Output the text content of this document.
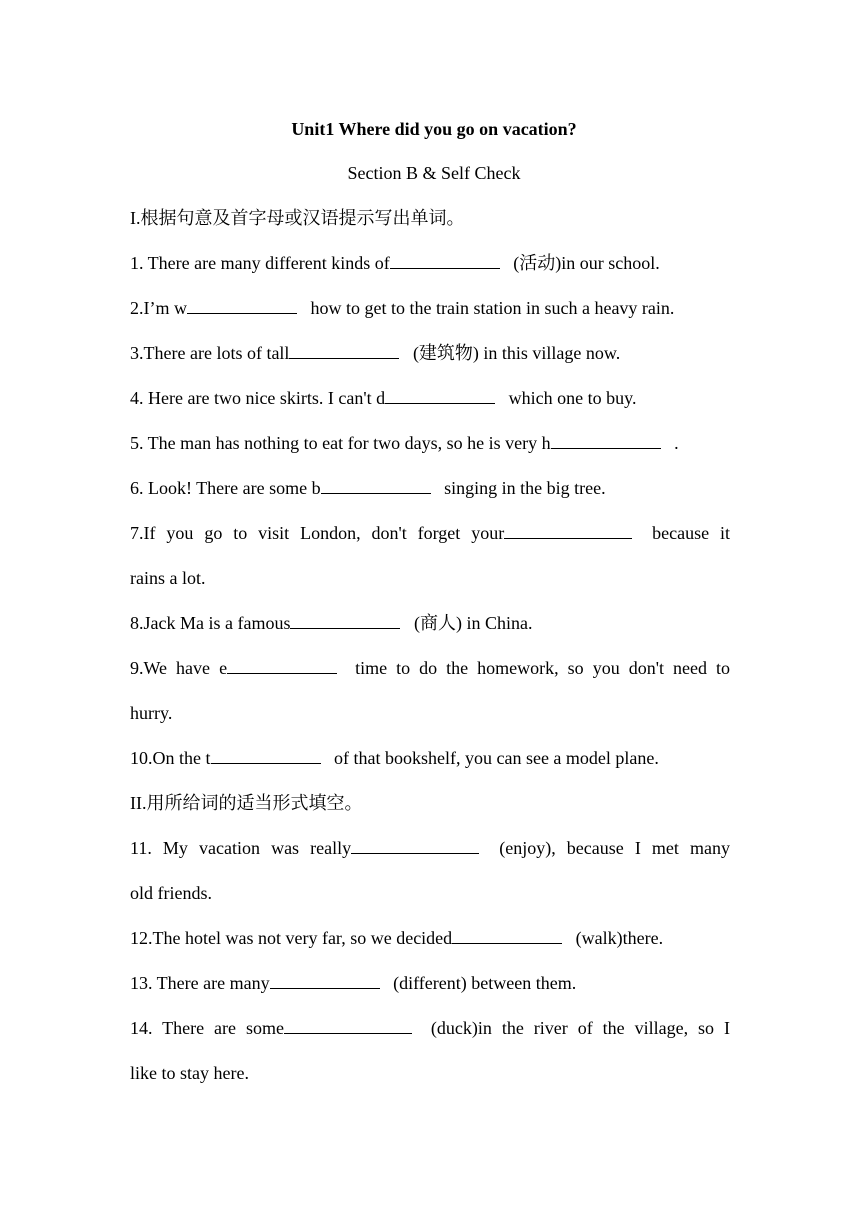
Unit1 Where did you go on vacation?
Section B & Self Check
I.根据句意及首字母或汉语提示写出单词。
1. There are many different kinds of	(活动)in our school.
2.I’m w	how to get to the train station in such a heavy rain.
3.There are lots of tall	(建筑物) in this village now.
4. Here are two nice skirts. I can't d	which one to buy.
5. The man has nothing to eat for two days, so he is very h	.
6. Look! There are some b	singing in the big tree.
7.If you go to visit London, don't forget your	because it
rains a lot.
8.Jack Ma is a famous	(商人) in China.
9.We have e	time to do the homework, so you don't need to
hurry.
10.On the t	of that bookshelf, you can see a model plane.
II.用所给词的适当形式填空。
11. My vacation was really	(enjoy), because I met many
old friends.
12.The hotel was not very far, so we decided	(walk)there.
13. There are many	(different) between them.
14. There are some	(duck)in the river of the village, so I
like to stay here.
